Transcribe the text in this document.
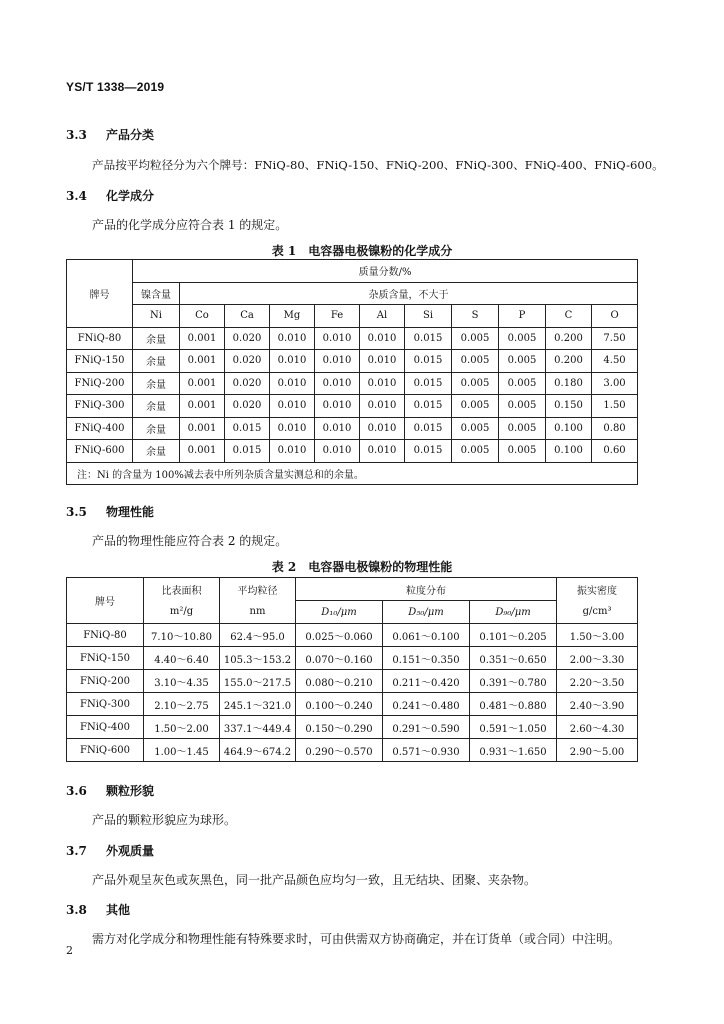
YS/T 1338—2019
3.3 产品分类
产品按平均粒径分为六个牌号：FNiQ-80、FNiQ-150、FNiQ-200、FNiQ-300、FNiQ-400、FNiQ-600。
3.4 化学成分
产品的化学成分应符合表 1 的规定。
表 1　电容器电极镍粉的化学成分
牌号	质量分数/%										
	镍含量	杂质含量，不大于									
	Ni	Co	Ca	Mg	Fe	Al	Si	S	P	C	O
FNiQ-80	余量	0.001	0.020	0.010	0.010	0.010	0.015	0.005	0.005	0.200	7.50
FNiQ-150	余量	0.001	0.020	0.010	0.010	0.010	0.015	0.005	0.005	0.200	4.50
FNiQ-200	余量	0.001	0.020	0.010	0.010	0.010	0.015	0.005	0.005	0.180	3.00
FNiQ-300	余量	0.001	0.020	0.010	0.010	0.010	0.015	0.005	0.005	0.150	1.50
FNiQ-400	余量	0.001	0.015	0.010	0.010	0.010	0.015	0.005	0.005	0.100	0.80
FNiQ-600	余量	0.001	0.015	0.010	0.010	0.010	0.015	0.005	0.005	0.100	0.60
注：Ni 的含量为 100%减去表中所列杂质含量实测总和的余量。											
3.5 物理性能
产品的物理性能应符合表 2 的规定。
表 2　电容器电极镍粉的物理性能
牌号	比表面积	平均粒径	粒度分布			振实密度
	m²/g	nm	D₁₀/μm	D₅₀/μm	D₉₀/μm	g/cm³
FNiQ-80	7.10～10.80	62.4～95.0	0.025～0.060	0.061～0.100	0.101～0.205	1.50～3.00
FNiQ-150	4.40～6.40	105.3～153.2	0.070～0.160	0.151～0.350	0.351～0.650	2.00～3.30
FNiQ-200	3.10～4.35	155.0～217.5	0.080～0.210	0.211～0.420	0.391～0.780	2.20～3.50
FNiQ-300	2.10～2.75	245.1～321.0	0.100～0.240	0.241～0.480	0.481～0.880	2.40～3.90
FNiQ-400	1.50～2.00	337.1～449.4	0.150～0.290	0.291～0.590	0.591～1.050	2.60～4.30
FNiQ-600	1.00～1.45	464.9～674.2	0.290～0.570	0.571～0.930	0.931～1.650	2.90～5.00
3.6 颗粒形貌
产品的颗粒形貌应为球形。
3.7 外观质量
产品外观呈灰色或灰黑色，同一批产品颜色应均匀一致，且无结块、团聚、夹杂物。
3.8 其他
需方对化学成分和物理性能有特殊要求时，可由供需双方协商确定，并在订货单（或合同）中注明。
2
